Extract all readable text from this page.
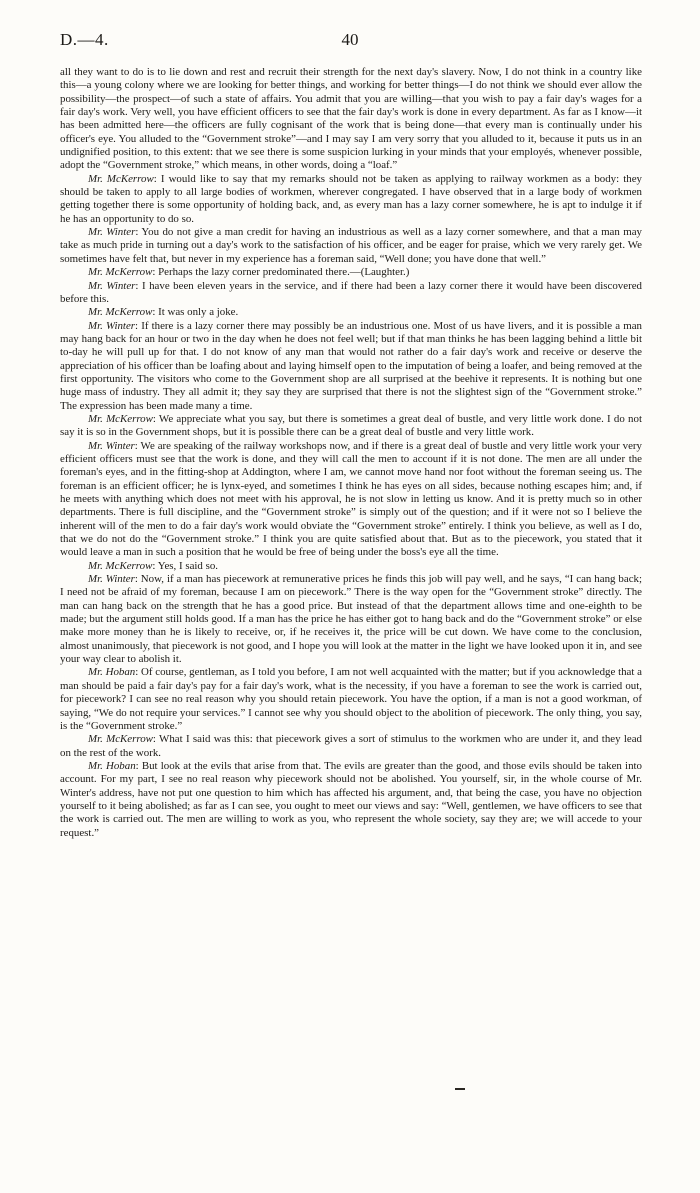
D.—4.	40

all they want to do is to lie down and rest and recruit their strength for the next day's slavery. Now, I do not think in a country like this—a young colony where we are looking for better things, and working for better things—I do not think we should ever allow the possibility—the prospect—of such a state of affairs. You admit that you are willing—that you wish to pay a fair day's wages for a fair day's work. Very well, you have efficient officers to see that the fair day's work is done in every department. As far as I know—it has been admitted here—the officers are fully cognisant of the work that is being done—that every man is continually under his officer's eye. You alluded to the “Government stroke”—and I may say I am very sorry that you alluded to it, because it puts us in an undignified position, to this extent: that we see there is some suspicion lurking in your minds that your employés, whenever possible, adopt the “Government stroke,” which means, in other words, doing a “loaf.”

Mr. McKerrow: I would like to say that my remarks should not be taken as applying to railway workmen as a body: they should be taken to apply to all large bodies of workmen, wherever congregated. I have observed that in a large body of workmen getting together there is some opportunity of holding back, and, as every man has a lazy corner somewhere, he is apt to indulge it if he has an opportunity to do so.

Mr. Winter: You do not give a man credit for having an industrious as well as a lazy corner somewhere, and that a man may take as much pride in turning out a day's work to the satisfaction of his officer, and be eager for praise, which we very rarely get. We sometimes have felt that, but never in my experience has a foreman said, “Well done; you have done that well.”

Mr. McKerrow: Perhaps the lazy corner predominated there.—(Laughter.)

Mr. Winter: I have been eleven years in the service, and if there had been a lazy corner there it would have been discovered before this.

Mr. McKerrow: It was only a joke.

Mr. Winter: If there is a lazy corner there may possibly be an industrious one. Most of us have livers, and it is possible a man may hang back for an hour or two in the day when he does not feel well; but if that man thinks he has been lagging behind a little bit to-day he will pull up for that. I do not know of any man that would not rather do a fair day's work and receive or deserve the appreciation of his officer than be loafing about and laying himself open to the imputation of being a loafer, and being removed at the first opportunity. The visitors who come to the Government shop are all surprised at the beehive it represents. It is nothing but one huge mass of industry. They all admit it; they say they are surprised that there is not the slightest sign of the “Government stroke.” The expression has been made many a time.

Mr. McKerrow: We appreciate what you say, but there is sometimes a great deal of bustle, and very little work done. I do not say it is so in the Government shops, but it is possible there can be a great deal of bustle and very little work.

Mr. Winter: We are speaking of the railway workshops now, and if there is a great deal of bustle and very little work your very efficient officers must see that the work is done, and they will call the men to account if it is not done. The men are all under the foreman's eyes, and in the fitting-shop at Addington, where I am, we cannot move hand nor foot without the foreman seeing us. The foreman is an efficient officer; he is lynx-eyed, and sometimes I think he has eyes on all sides, because nothing escapes him; and, if he meets with anything which does not meet with his approval, he is not slow in letting us know. And it is pretty much so in other departments. There is full discipline, and the “Government stroke” is simply out of the question; and if it were not so I believe the inherent will of the men to do a fair day's work would obviate the “Government stroke” entirely. I think you believe, as well as I do, that we do not do the “Government stroke.” I think you are quite satisfied about that. But as to the piecework, you stated that it would leave a man in such a position that he would be free of being under the boss's eye all the time.

Mr. McKerrow: Yes, I said so.

Mr. Winter: Now, if a man has piecework at remunerative prices he finds this job will pay well, and he says, “I can hang back; I need not be afraid of my foreman, because I am on piecework.” There is the way open for the “Government stroke” directly. The man can hang back on the strength that he has a good price. But instead of that the department allows time and one-eighth to be made; but the argument still holds good. If a man has the price he has either got to hang back and do the “Government stroke” or else make more money than he is likely to receive, or, if he receives it, the price will be cut down. We have come to the conclusion, almost unanimously, that piecework is not good, and I hope you will look at the matter in the light we have looked upon it in, and see your way clear to abolish it.

Mr. Hoban: Of course, gentleman, as I told you before, I am not well acquainted with the matter; but if you acknowledge that a man should be paid a fair day's pay for a fair day's work, what is the necessity, if you have a foreman to see the work is carried out, for piecework? I can see no real reason why you should retain piecework. You have the option, if a man is not a good workman, of saying, “We do not require your services.” I cannot see why you should object to the abolition of piecework. The only thing, you say, is the “Government stroke.”

Mr. McKerrow: What I said was this: that piecework gives a sort of stimulus to the workmen who are under it, and they lead on the rest of the work.

Mr. Hoban: But look at the evils that arise from that. The evils are greater than the good, and those evils should be taken into account. For my part, I see no real reason why piecework should not be abolished. You yourself, sir, in the whole course of Mr. Winter's address, have not put one question to him which has affected his argument, and, that being the case, you have no objection yourself to it being abolished; as far as I can see, you ought to meet our views and say: “Well, gentlemen, we have officers to see that the work is carried out. The men are willing to work as you, who represent the whole society, say they are; we will accede to your request.”
